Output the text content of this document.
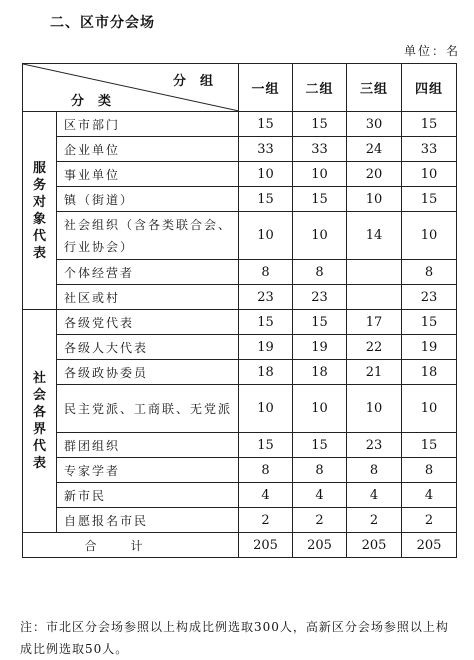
二、区市分会场
单位：名
分组
分类		一组	二组	三组	四组

服务对象代表	区市部门	15	15	30	15
	企业单位	33	33	24	33
	事业单位	10	10	20	10
	镇（街道）	15	15	10	15
	社会组织（含各类联合会、行业协会）	10	10	14	10
	个体经营者	8	8		8
	社区或村	23	23		23

社会各界代表	各级党代表	15	15	17	15
	各级人大代表	19	19	22	19
	各级政协委员	18	18	21	18
	民主党派、工商联、无党派	10	10	10	10
	群团组织	15	15	23	15
	专家学者	8	8	8	8
	新市民	4	4	4	4
	自愿报名市民	2	2	2	2
合计		205	205	205	205
注：市北区分会场参照以上构成比例选取300人，高新区分会场参照以上构成比例选取50人。
